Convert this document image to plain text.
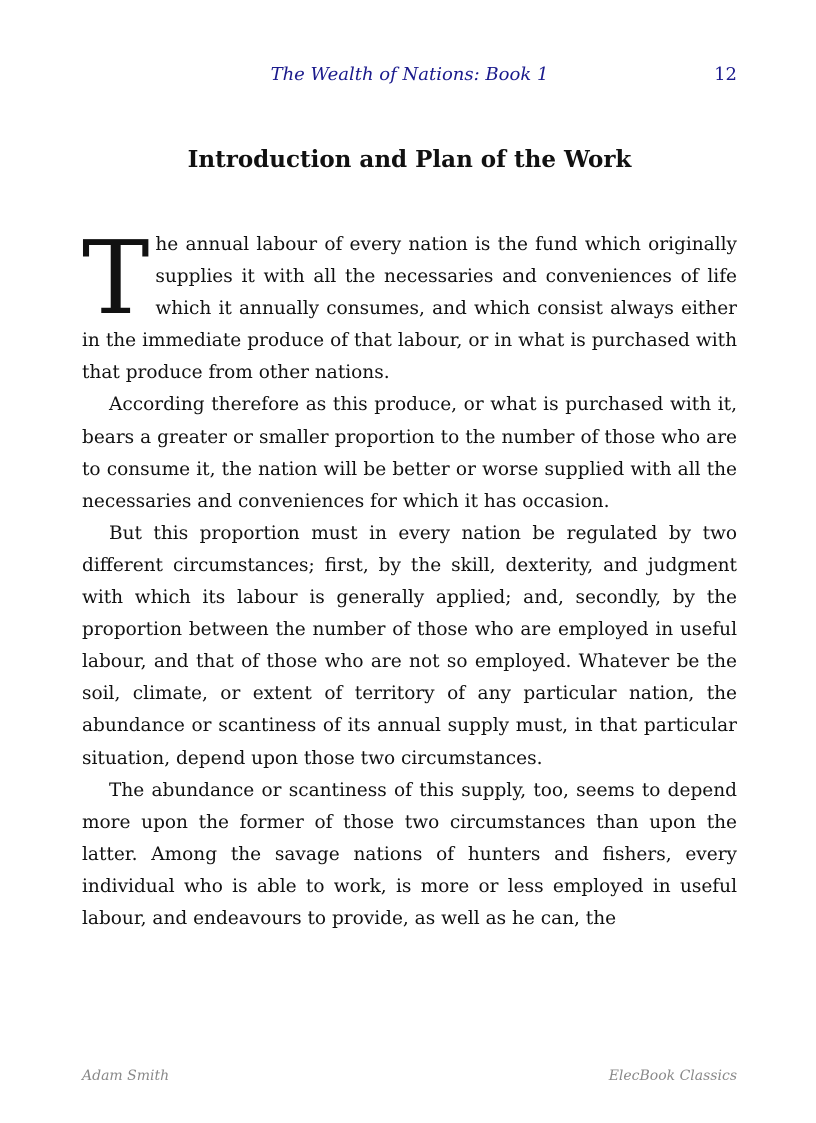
The Wealth of Nations: Book 1	12
Introduction and Plan of the Work

The annual labour of every nation is the fund which originally supplies it with all the necessaries and conveniences of life which it annually consumes, and which consist always either in the immediate produce of that labour, or in what is purchased with that produce from other nations.

According therefore as this produce, or what is purchased with it, bears a greater or smaller proportion to the number of those who are to consume it, the nation will be better or worse supplied with all the necessaries and conveniences for which it has occasion.

But this proportion must in every nation be regulated by two different circumstances; first, by the skill, dexterity, and judgment with which its labour is generally applied; and, secondly, by the proportion between the number of those who are employed in useful labour, and that of those who are not so employed. Whatever be the soil, climate, or extent of territory of any particular nation, the abundance or scantiness of its annual supply must, in that particular situation, depend upon those two circumstances.

The abundance or scantiness of this supply, too, seems to depend more upon the former of those two circumstances than upon the latter. Among the savage nations of hunters and fishers, every individual who is able to work, is more or less employed in useful labour, and endeavours to provide, as well as he can, the

Adam Smith	ElecBook Classics
